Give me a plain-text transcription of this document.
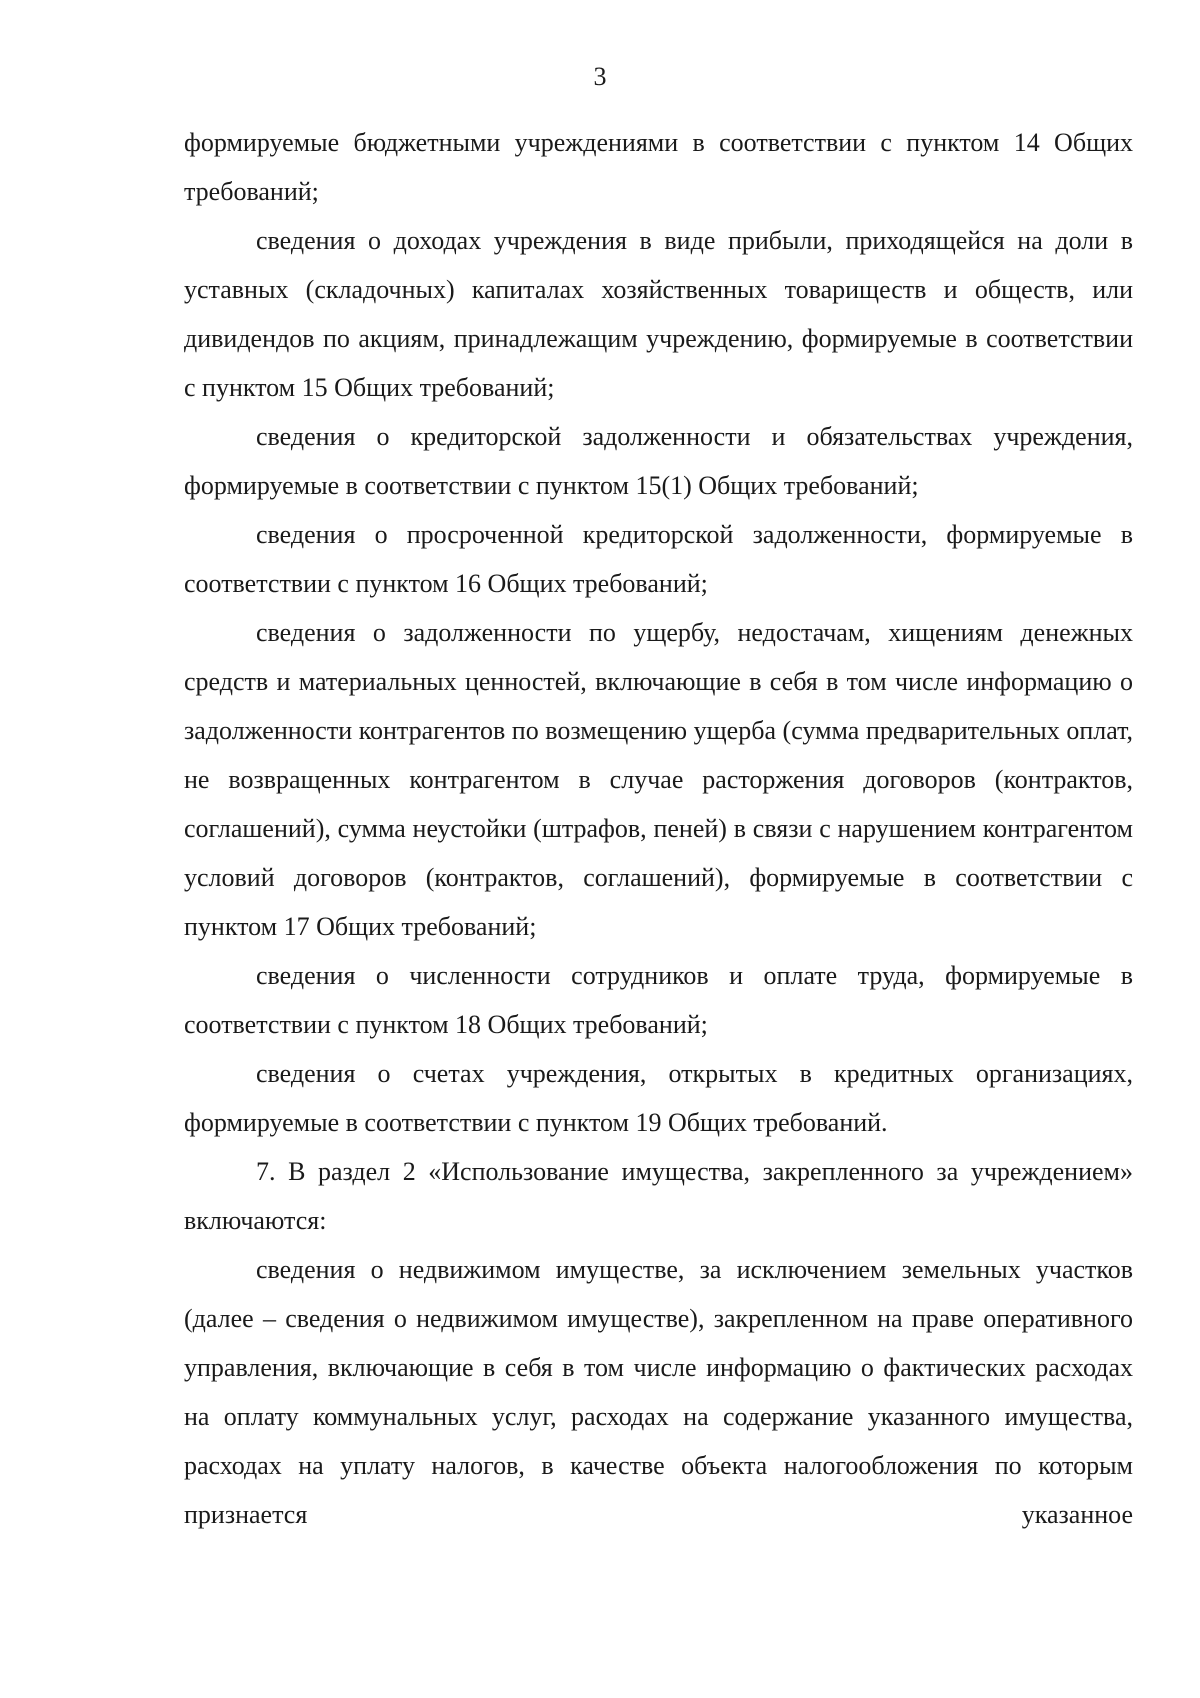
3

формируемые бюджетными учреждениями в соответствии с пунктом 14 Общих требований;

сведения о доходах учреждения в виде прибыли, приходящейся на доли в уставных (складочных) капиталах хозяйственных товариществ и обществ, или дивидендов по акциям, принадлежащим учреждению, формируемые в соответствии с пунктом 15 Общих требований;

сведения о кредиторской задолженности и обязательствах учреждения, формируемые в соответствии с пунктом 15(1) Общих требований;

сведения о просроченной кредиторской задолженности, формируемые в соответствии с пунктом 16 Общих требований;

сведения о задолженности по ущербу, недостачам, хищениям денежных средств и материальных ценностей, включающие в себя в том числе информацию о задолженности контрагентов по возмещению ущерба (сумма предварительных оплат, не возвращенных контрагентом в случае расторжения договоров (контрактов, соглашений), сумма неустойки (штрафов, пеней) в связи с нарушением контрагентом условий договоров (контрактов, соглашений), формируемые в соответствии с пунктом 17 Общих требований;

сведения о численности сотрудников и оплате труда, формируемые в соответствии с пунктом 18 Общих требований;

сведения о счетах учреждения, открытых в кредитных организациях, формируемые в соответствии с пунктом 19 Общих требований.

7. В раздел 2 «Использование имущества, закрепленного за учреждением» включаются:

сведения о недвижимом имуществе, за исключением земельных участков (далее – сведения о недвижимом имуществе), закрепленном на праве оперативного управления, включающие в себя в том числе информацию о фактических расходах на оплату коммунальных услуг, расходах на содержание указанного имущества, расходах на уплату налогов, в качестве объекта налогообложения по которым признается указанное
